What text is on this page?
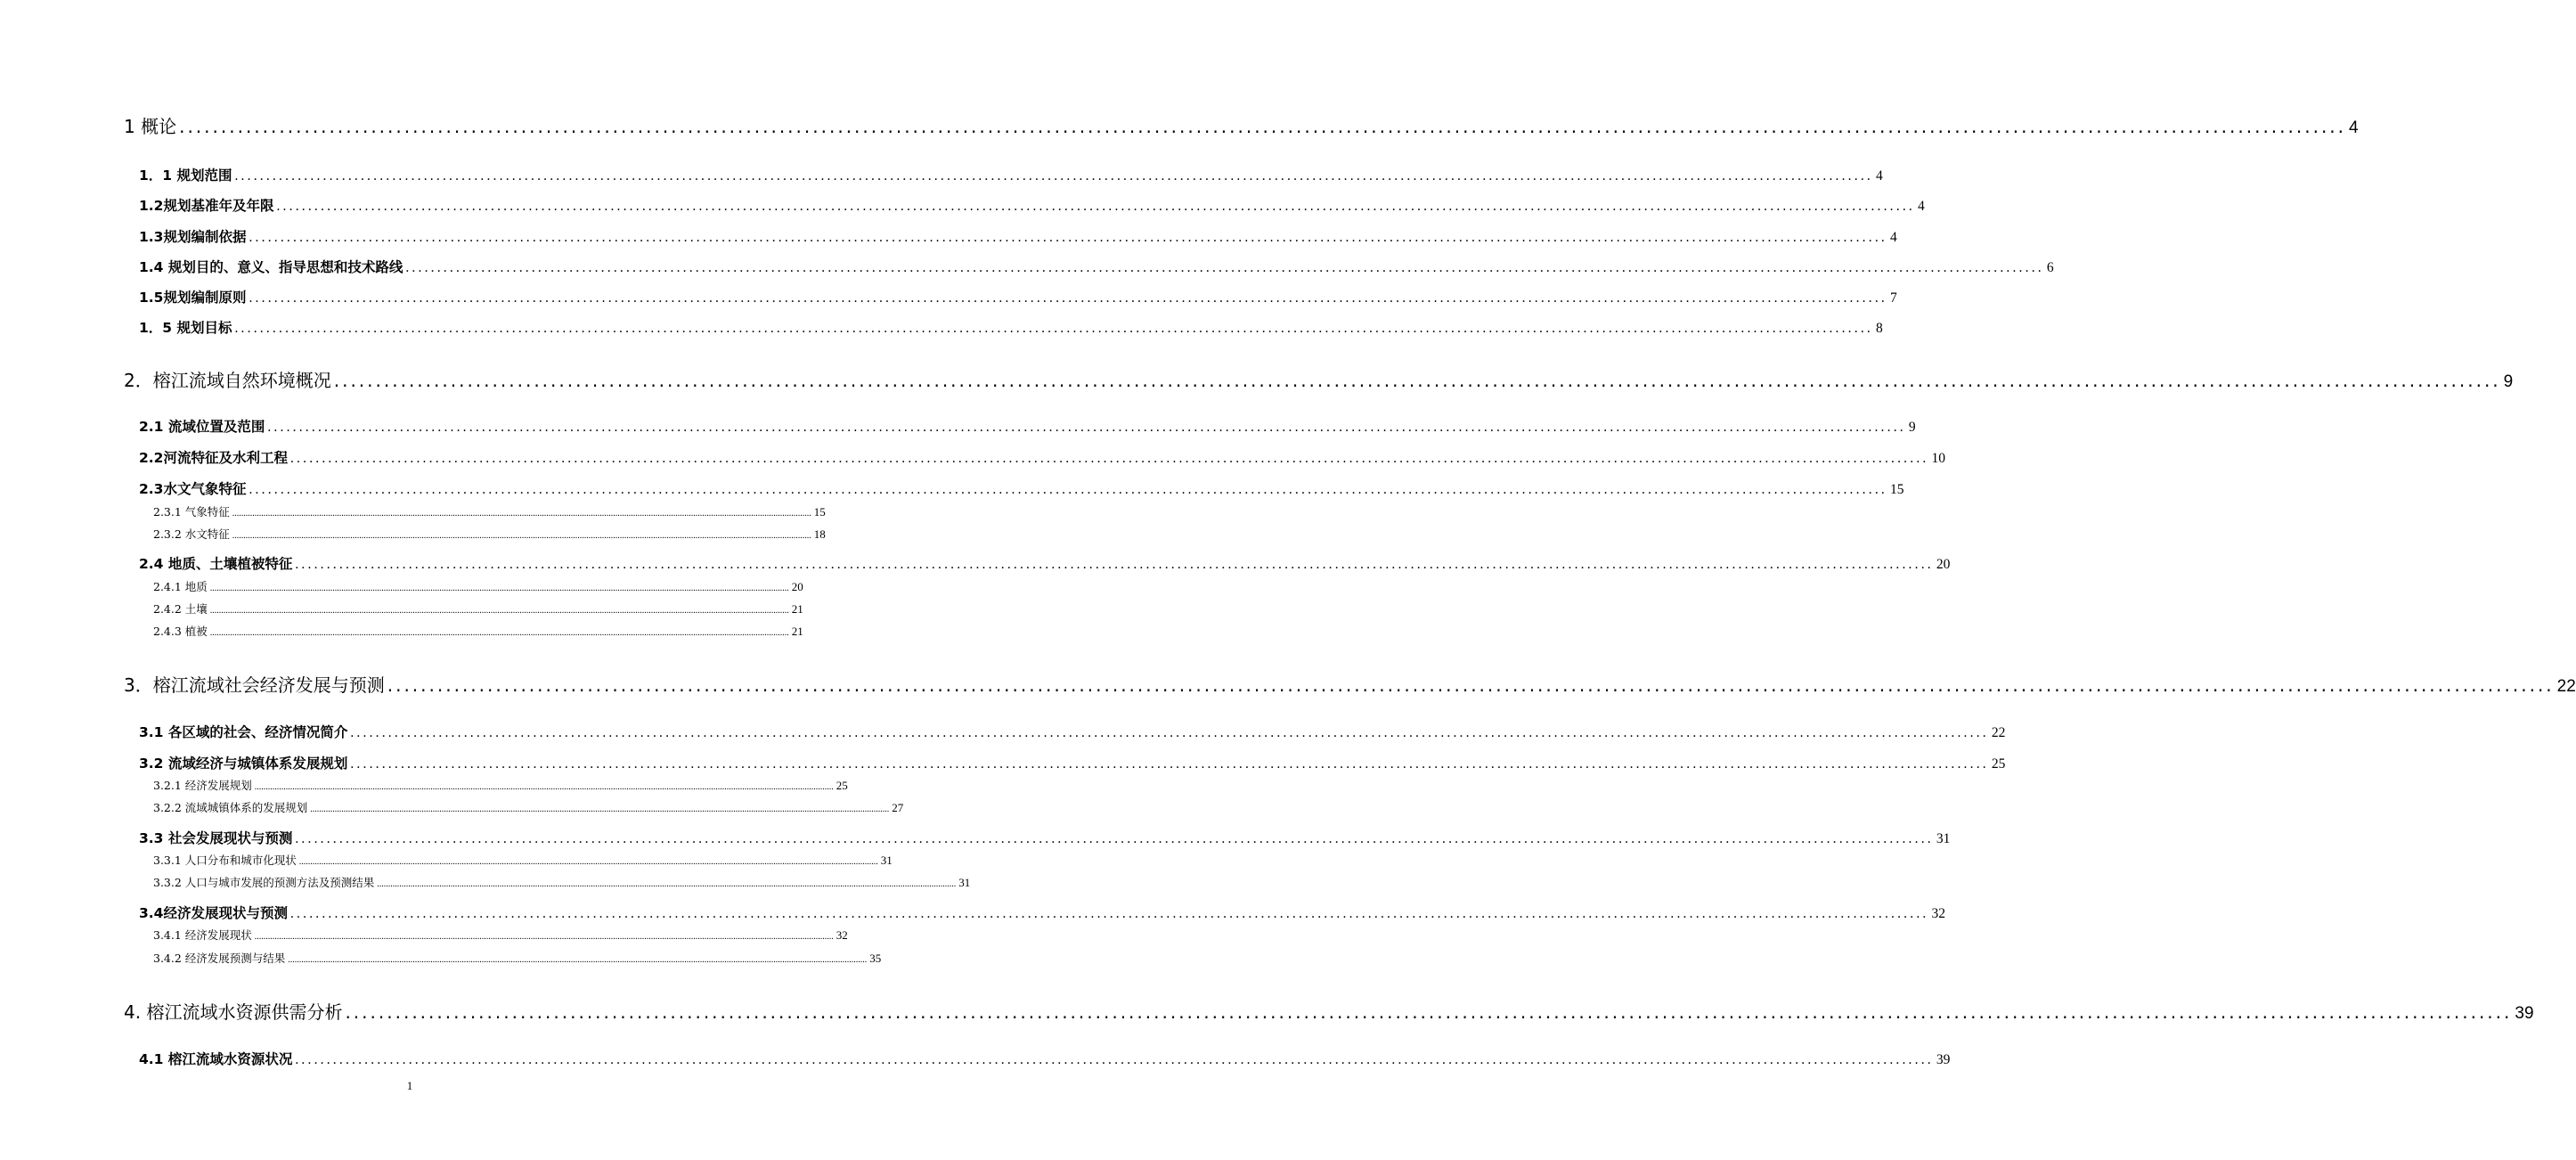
1 概论 .................................................................................................................................................................................................................................................................... 4
1．1 规划范围 .................................................................................................................................................................................................................................................................... 4
1.2规划基准年及年限 .................................................................................................................................................................................................................................................................... 4
1.3规划编制依据 .................................................................................................................................................................................................................................................................... 4
1.4 规划目的、意义、指导思想和技术路线 .................................................................................................................................................................................................................................................................... 6
1.5规划编制原则 .................................................................................................................................................................................................................................................................... 7
1．5 规划目标 .................................................................................................................................................................................................................................................................... 8
2．榕江流域自然环境概况 .................................................................................................................................................................................................................................................................... 9
2.1 流域位置及范围 .................................................................................................................................................................................................................................................................... 9
2.2河流特征及水利工程 .................................................................................................................................................................................................................................................................... 10
2.3水文气象特征 .................................................................................................................................................................................................................................................................... 15
2.3.1 气象特征 .................................................................................................................................................................................................................................................................... 15
2.3.2 水文特征 .................................................................................................................................................................................................................................................................... 18
2.4 地质、土壤植被特征 .................................................................................................................................................................................................................................................................... 20
2.4.1 地质 .................................................................................................................................................................................................................................................................... 20
2.4.2 土壤 .................................................................................................................................................................................................................................................................... 21
2.4.3 植被 .................................................................................................................................................................................................................................................................... 21
3．榕江流域社会经济发展与预测 .................................................................................................................................................................................................................................................................... 22
3.1 各区域的社会、经济情况简介 .................................................................................................................................................................................................................................................................... 22
3.2 流域经济与城镇体系发展规划 .................................................................................................................................................................................................................................................................... 25
3.2.1 经济发展规划 .................................................................................................................................................................................................................................................................... 25
3.2.2 流域城镇体系的发展规划 .................................................................................................................................................................................................................................................................... 27
3.3 社会发展现状与预测 .................................................................................................................................................................................................................................................................... 31
3.3.1 人口分布和城市化现状 .................................................................................................................................................................................................................................................................... 31
3.3.2 人口与城市发展的预测方法及预测结果 .................................................................................................................................................................................................................................................................... 31
3.4经济发展现状与预测 .................................................................................................................................................................................................................................................................... 32
3.4.1 经济发展现状 .................................................................................................................................................................................................................................................................... 32
3.4.2 经济发展预测与结果 .................................................................................................................................................................................................................................................................... 35
4. 榕江流域水资源供需分析 .................................................................................................................................................................................................................................................................... 39
4.1 榕江流域水资源状况 .................................................................................................................................................................................................................................................................... 39
1
